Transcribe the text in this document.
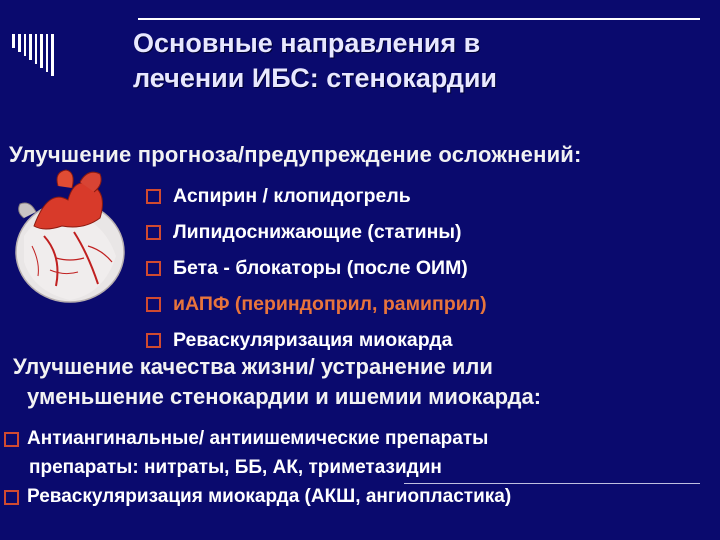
Основные направления в
лечении ИБС: стенокардии
Улучшение прогноза/предупреждение осложнений:
Аспирин / клопидогрель
Липидоснижающие (статины)
Бета - блокаторы (после ОИМ)
иАПФ (периндоприл, рамиприл)
Реваскуляризация миокарда
Улучшение качества жизни/ устранение или
уменьшение стенокардии и ишемии миокарда:
Антиангинальные/ антиишемические препараты
препараты: нитраты, ББ, АК, триметазидин
Реваскуляризация миокарда (АКШ, ангиопластика)
